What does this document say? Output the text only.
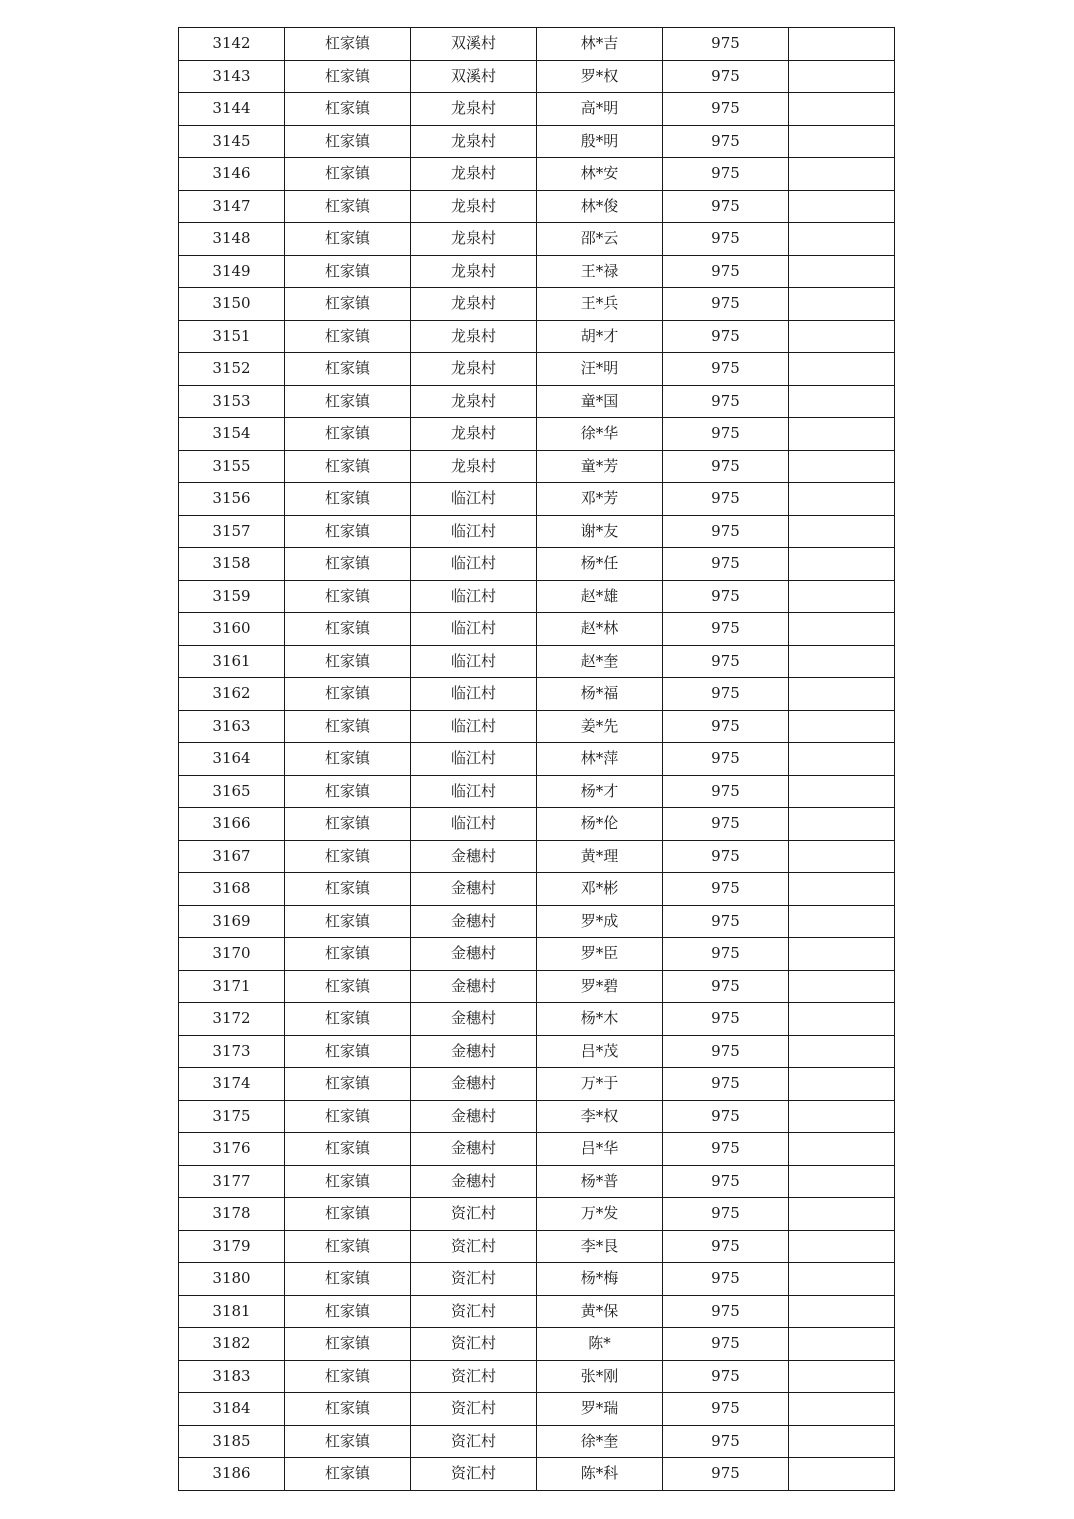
3142	杠家镇	双溪村	林*吉	975	
3143	杠家镇	双溪村	罗*权	975	
3144	杠家镇	龙泉村	高*明	975	
3145	杠家镇	龙泉村	殷*明	975	
3146	杠家镇	龙泉村	林*安	975	
3147	杠家镇	龙泉村	林*俊	975	
3148	杠家镇	龙泉村	邵*云	975	
3149	杠家镇	龙泉村	王*禄	975	
3150	杠家镇	龙泉村	王*兵	975	
3151	杠家镇	龙泉村	胡*才	975	
3152	杠家镇	龙泉村	汪*明	975	
3153	杠家镇	龙泉村	童*国	975	
3154	杠家镇	龙泉村	徐*华	975	
3155	杠家镇	龙泉村	童*芳	975	
3156	杠家镇	临江村	邓*芳	975	
3157	杠家镇	临江村	谢*友	975	
3158	杠家镇	临江村	杨*任	975	
3159	杠家镇	临江村	赵*雄	975	
3160	杠家镇	临江村	赵*林	975	
3161	杠家镇	临江村	赵*奎	975	
3162	杠家镇	临江村	杨*福	975	
3163	杠家镇	临江村	姜*先	975	
3164	杠家镇	临江村	林*萍	975	
3165	杠家镇	临江村	杨*才	975	
3166	杠家镇	临江村	杨*伦	975	
3167	杠家镇	金穗村	黄*理	975	
3168	杠家镇	金穗村	邓*彬	975	
3169	杠家镇	金穗村	罗*成	975	
3170	杠家镇	金穗村	罗*臣	975	
3171	杠家镇	金穗村	罗*碧	975	
3172	杠家镇	金穗村	杨*木	975	
3173	杠家镇	金穗村	吕*茂	975	
3174	杠家镇	金穗村	万*于	975	
3175	杠家镇	金穗村	李*权	975	
3176	杠家镇	金穗村	吕*华	975	
3177	杠家镇	金穗村	杨*普	975	
3178	杠家镇	资汇村	万*发	975	
3179	杠家镇	资汇村	李*艮	975	
3180	杠家镇	资汇村	杨*梅	975	
3181	杠家镇	资汇村	黄*保	975	
3182	杠家镇	资汇村	陈*	975	
3183	杠家镇	资汇村	张*刚	975	
3184	杠家镇	资汇村	罗*瑞	975	
3185	杠家镇	资汇村	徐*奎	975	
3186	杠家镇	资汇村	陈*科	975	
